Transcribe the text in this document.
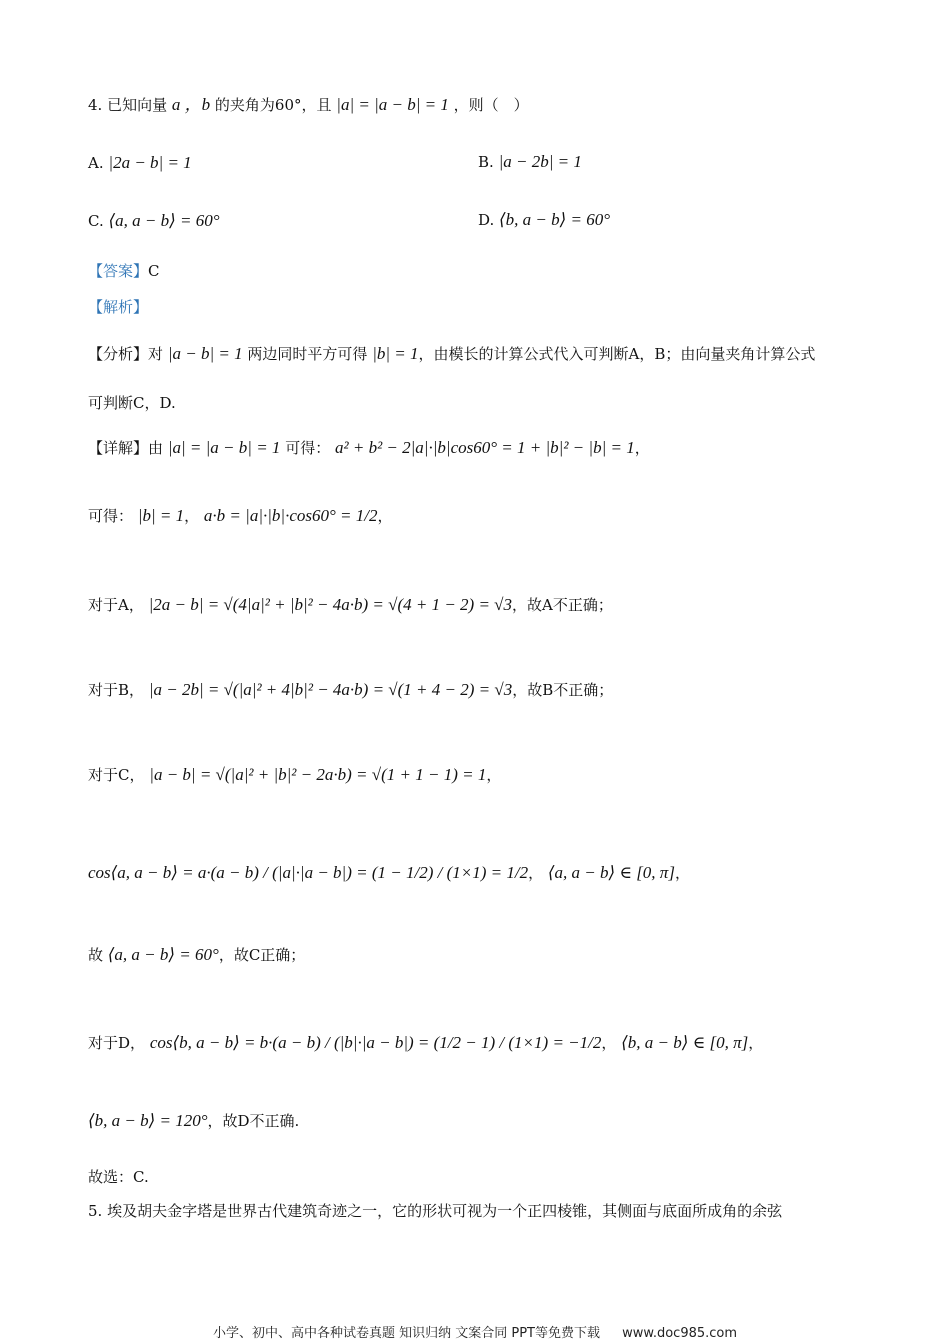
4. 已知向量 a ，b 的夹角为60°，且 |a| = |a − b| = 1 ，则（　）
A. |2a − b| = 1	B. |a − 2b| = 1
C. ⟨a, a − b⟩ = 60°	D. ⟨b, a − b⟩ = 60°
【答案】C
【解析】
【分析】对 |a − b| = 1 两边同时平方可得 |b| = 1，由模长的计算公式代入可判断A，B；由向量夹角计算公式
可判断C，D.
【详解】由 |a| = |a − b| = 1 可得： a² + b² − 2|a|·|b|cos60° = 1 + |b|² − |b| = 1，
可得： |b| = 1， a·b = |a|·|b|·cos60° = 1/2，
对于A， |2a − b| = √(4|a|² + |b|² − 4a·b) = √(4 + 1 − 2) = √3，故A不正确；
对于B， |a − 2b| = √(|a|² + 4|b|² − 4a·b) = √(1 + 4 − 2) = √3，故B不正确；
对于C， |a − b| = √(|a|² + |b|² − 2a·b) = √(1 + 1 − 1) = 1，
cos⟨a, a − b⟩ = a·(a − b) / (|a|·|a − b|) = (1 − 1/2) / (1×1) = 1/2， ⟨a, a − b⟩ ∈ [0, π]，
故 ⟨a, a − b⟩ = 60°，故C正确；
对于D， cos⟨b, a − b⟩ = b·(a − b) / (|b|·|a − b|) = (1/2 − 1) / (1×1) = −1/2， ⟨b, a − b⟩ ∈ [0, π]，
⟨b, a − b⟩ = 120°，故D不正确.
故选：C.
5. 埃及胡夫金字塔是世界古代建筑奇迹之一，它的形状可视为一个正四棱锥，其侧面与底面所成角的余弦
小学、初中、高中各种试卷真题 知识归纳 文案合同 PPT等免费下载 www.doc985.com
